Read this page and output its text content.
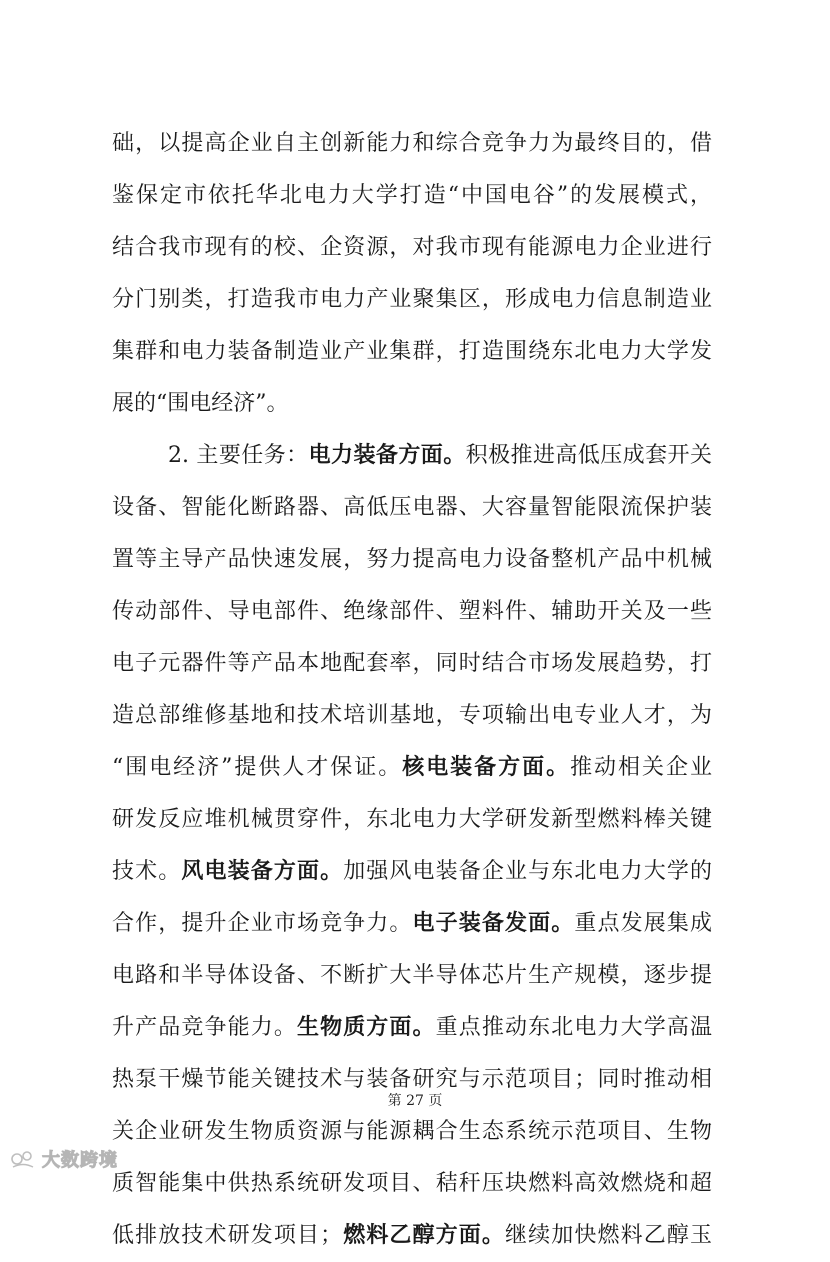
础，以提高企业自主创新能力和综合竞争力为最终目的，借
鉴保定市依托华北电力大学打造“中国电谷”的发展模式，
结合我市现有的校、企资源，对我市现有能源电力企业进行
分门别类，打造我市电力产业聚集区，形成电力信息制造业
集群和电力装备制造业产业集群，打造围绕东北电力大学发
展的“围电经济”。
2. 主要任务：电力装备方面。积极推进高低压成套开关
设备、智能化断路器、高低压电器、大容量智能限流保护装
置等主导产品快速发展，努力提高电力设备整机产品中机械
传动部件、导电部件、绝缘部件、塑料件、辅助开关及一些
电子元器件等产品本地配套率，同时结合市场发展趋势，打
造总部维修基地和技术培训基地，专项输出电专业人才，为
“围电经济”提供人才保证。核电装备方面。推动相关企业
研发反应堆机械贯穿件，东北电力大学研发新型燃料棒关键
技术。风电装备方面。加强风电装备企业与东北电力大学的
合作，提升企业市场竞争力。电子装备发面。重点发展集成
电路和半导体设备、不断扩大半导体芯片生产规模，逐步提
升产品竞争能力。生物质方面。重点推动东北电力大学高温
热泵干燥节能关键技术与装备研究与示范项目；同时推动相
关企业研发生物质资源与能源耦合生态系统示范项目、生物
质智能集中供热系统研发项目、秸秆压块燃料高效燃烧和超
低排放技术研发项目；燃料乙醇方面。继续加快燃料乙醇玉
第 27 页
大数跨境
